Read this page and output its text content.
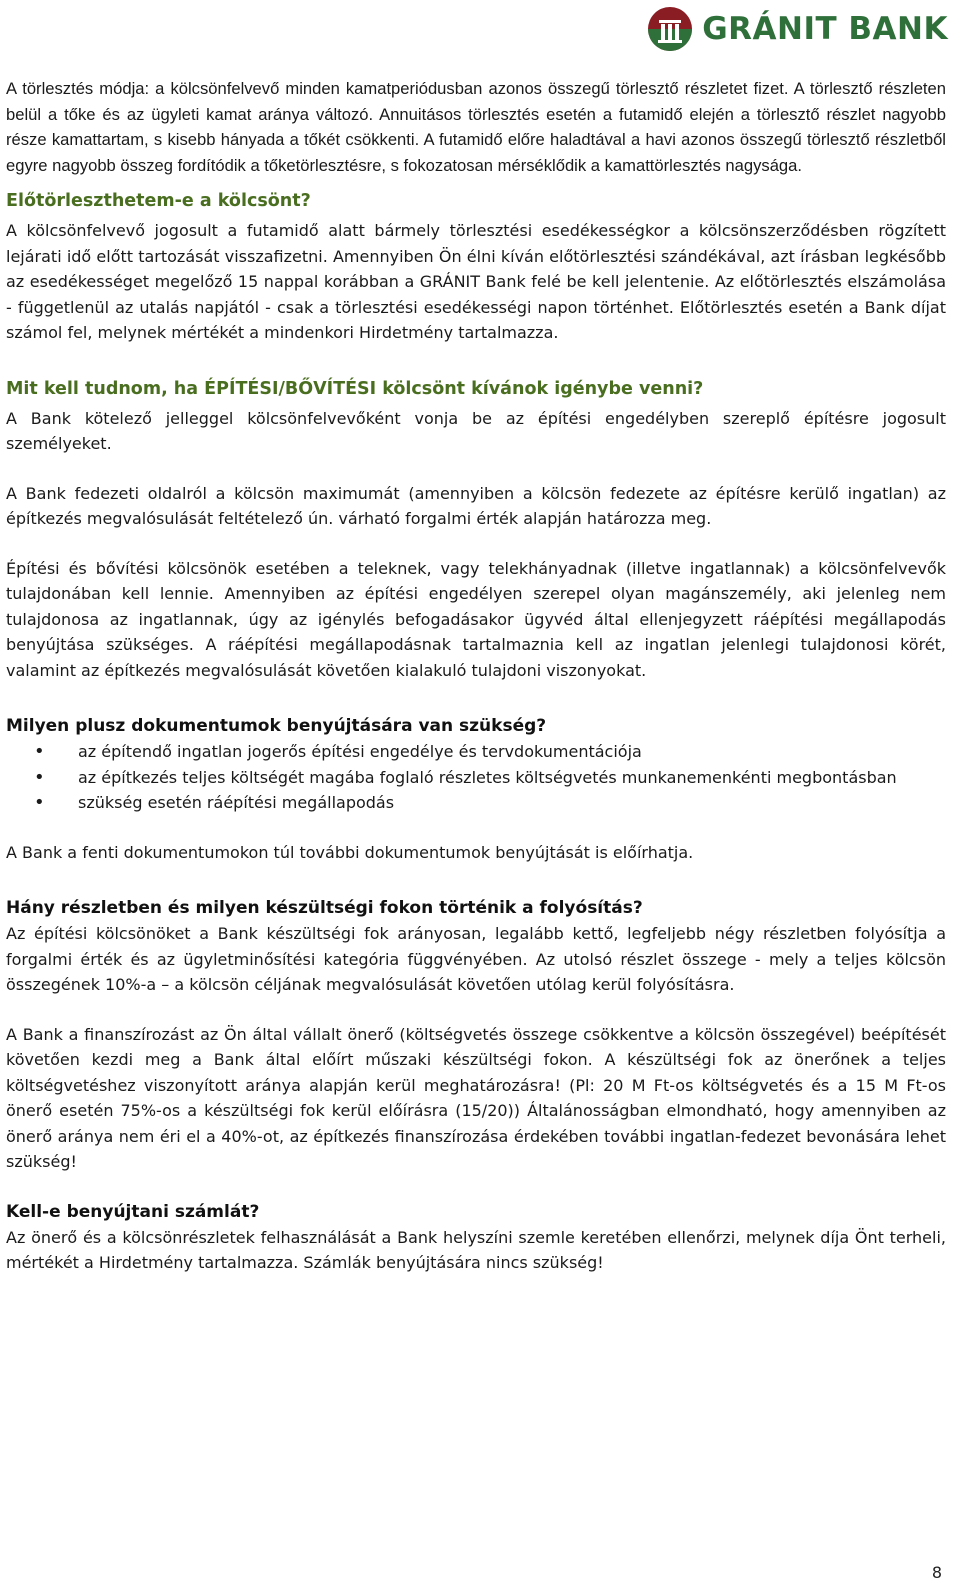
GRÁNIT BANK

A törlesztés módja: a kölcsönfelvevő minden kamatperiódusban azonos összegű törlesztő részletet fizet. A törlesztő részleten belül a tőke és az ügyleti kamat aránya változó. Annuitásos törlesztés esetén a futamidő elején a törlesztő részlet nagyobb része kamattartam, s kisebb hányada a tőkét csökkenti. A futamidő előre haladtával a havi azonos összegű törlesztő részletből egyre nagyobb összeg fordítódik a tőketörlesztésre, s fokozatosan mérséklődik a kamattörlesztés nagysága.

Előtörleszthetem-e a kölcsönt?

A kölcsönfelvevő jogosult a futamidő alatt bármely törlesztési esedékességkor a kölcsönszerződésben rögzített lejárati idő előtt tartozását visszafizetni. Amennyiben Ön élni kíván előtörlesztési szándékával, azt írásban legkésőbb az esedékességet megelőző 15 nappal korábban a GRÁNIT Bank felé be kell jelentenie. Az előtörlesztés elszámolása - függetlenül az utalás napjától - csak a törlesztési esedékességi napon történhet. Előtörlesztés esetén a Bank díjat számol fel, melynek mértékét a mindenkori Hirdetmény tartalmazza.

Mit kell tudnom, ha ÉPÍTÉSI/BŐVÍTÉSI kölcsönt kívánok igénybe venni?

A Bank kötelező jelleggel kölcsönfelvevőként vonja be az építési engedélyben szereplő építésre jogosult személyeket.

A Bank fedezeti oldalról a kölcsön maximumát (amennyiben a kölcsön fedezete az építésre kerülő ingatlan) az építkezés megvalósulását feltételező ún. várható forgalmi érték alapján határozza meg.

Építési és bővítési kölcsönök esetében a teleknek, vagy telekhányadnak (illetve ingatlannak) a kölcsönfelvevők tulajdonában kell lennie. Amennyiben az építési engedélyen szerepel olyan magánszemély, aki jelenleg nem tulajdonosa az ingatlannak, úgy az igénylés befogadásakor ügyvéd által ellenjegyzett ráépítési megállapodás benyújtása szükséges. A ráépítési megállapodásnak tartalmaznia kell az ingatlan jelenlegi tulajdonosi körét, valamint az építkezés megvalósulását követően kialakuló tulajdoni viszonyokat.

Milyen plusz dokumentumok benyújtására van szükség?
• az építendő ingatlan jogerős építési engedélye és tervdokumentációja
• az építkezés teljes költségét magába foglaló részletes költségvetés munkanemenkénti megbontásban
• szükség esetén ráépítési megállapodás

A Bank a fenti dokumentumokon túl további dokumentumok benyújtását is előírhatja.

Hány részletben és milyen készültségi fokon történik a folyósítás?

Az építési kölcsönöket a Bank készültségi fok arányosan, legalább kettő, legfeljebb négy részletben folyósítja a forgalmi érték és az ügyletminősítési kategória függvényében. Az utolsó részlet összege - mely a teljes kölcsön összegének 10%-a – a kölcsön céljának megvalósulását követően utólag kerül folyósításra.

A Bank a finanszírozást az Ön által vállalt önerő (költségvetés összege csökkentve a kölcsön összegével) beépítését követően kezdi meg a Bank által előírt műszaki készültségi fokon. A készültségi fok az önerőnek a teljes költségvetéshez viszonyított aránya alapján kerül meghatározásra! (Pl: 20 M Ft-os költségvetés és a 15 M Ft-os önerő esetén 75%-os a készültségi fok kerül előírásra (15/20)) Általánosságban elmondható, hogy amennyiben az önerő aránya nem éri el a 40%-ot, az építkezés finanszírozása érdekében további ingatlan-fedezet bevonására lehet szükség!

Kell-e benyújtani számlát?

Az önerő és a kölcsönrészletek felhasználását a Bank helyszíni szemle keretében ellenőrzi, melynek díja Önt terheli, mértékét a Hirdetmény tartalmazza. Számlák benyújtására nincs szükség!

8
